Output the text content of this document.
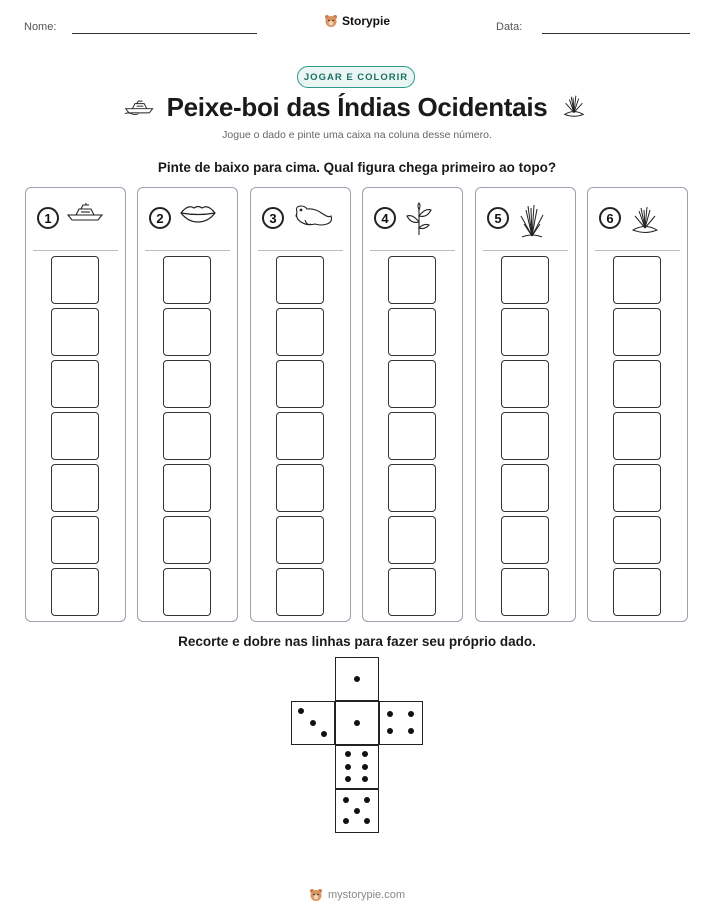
Nome:	Storypie	Data:
JOGAR E COLORIR
Peixe-boi das Índias Ocidentais
Jogue o dado e pinte uma caixa na coluna desse número.
Pinte de baixo para cima. Qual figura chega primeiro ao topo?
1	2	3	4	5	6
Recorte e dobre nas linhas para fazer seu próprio dado.
mystorypie.com
